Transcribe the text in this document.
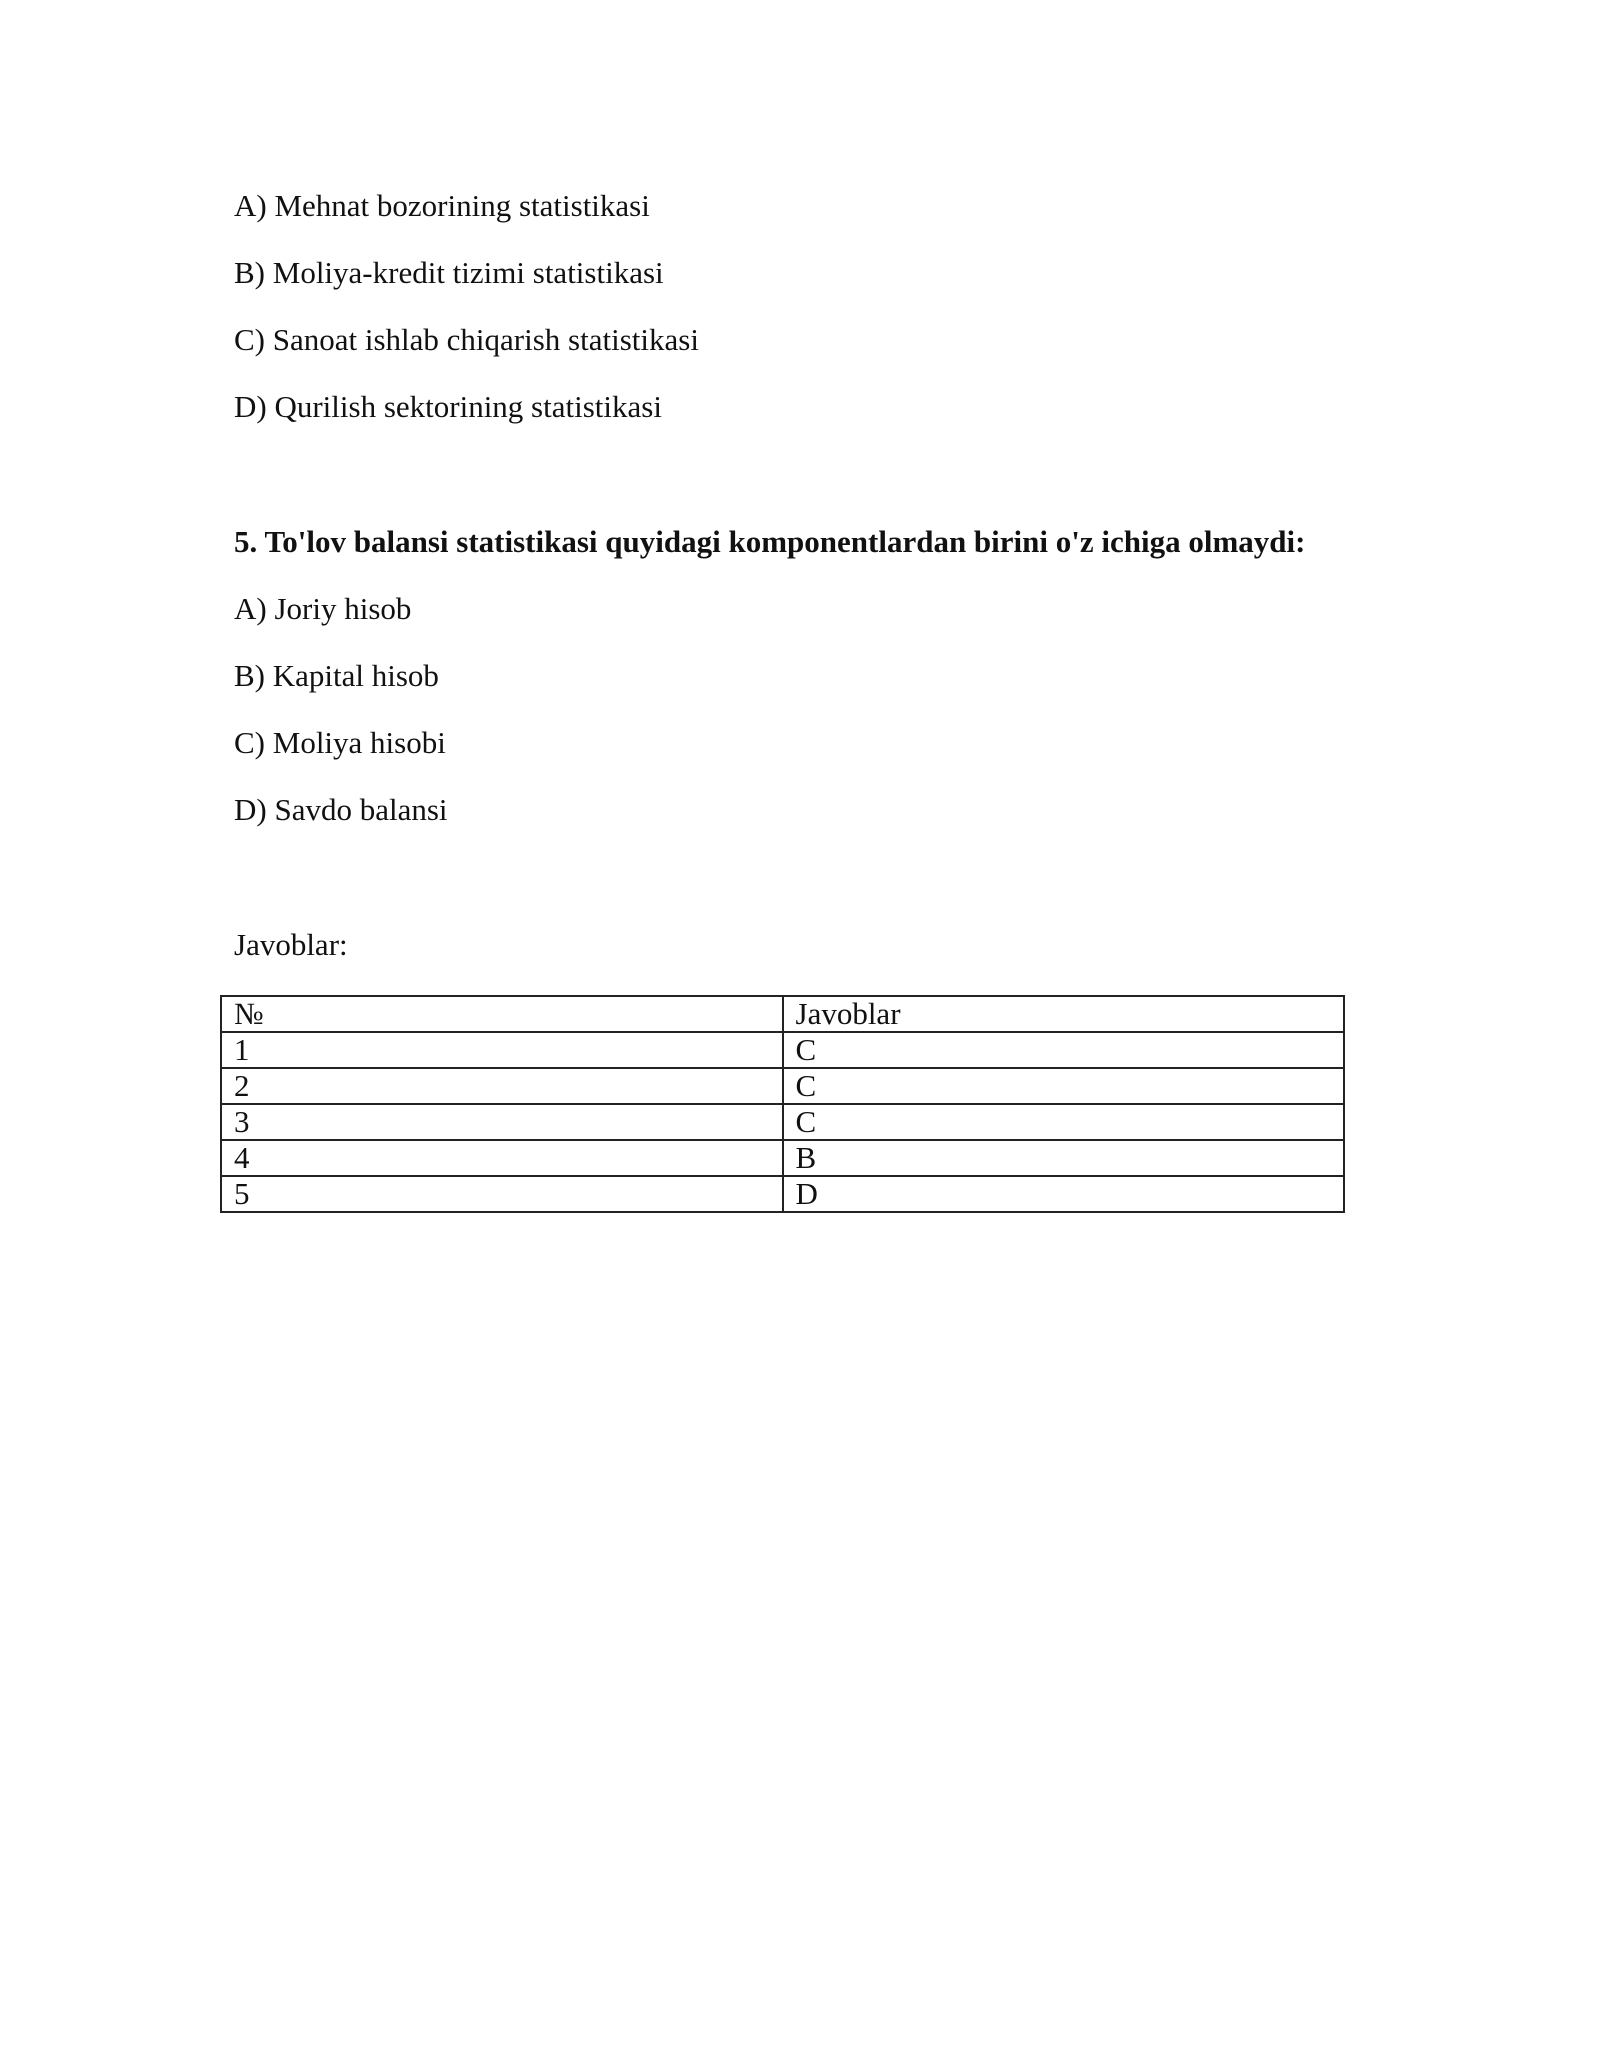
A) Mehnat bozorining statistikasi
B) Moliya-kredit tizimi statistikasi
C) Sanoat ishlab chiqarish statistikasi
D) Qurilish sektorining statistikasi
5. To'lov balansi statistikasi quyidagi komponentlardan birini o'z ichiga olmaydi:
A) Joriy hisob
B) Kapital hisob
C) Moliya hisobi
D) Savdo balansi
Javoblar:
№	Javoblar
1	C
2	C
3	C
4	B
5	D
